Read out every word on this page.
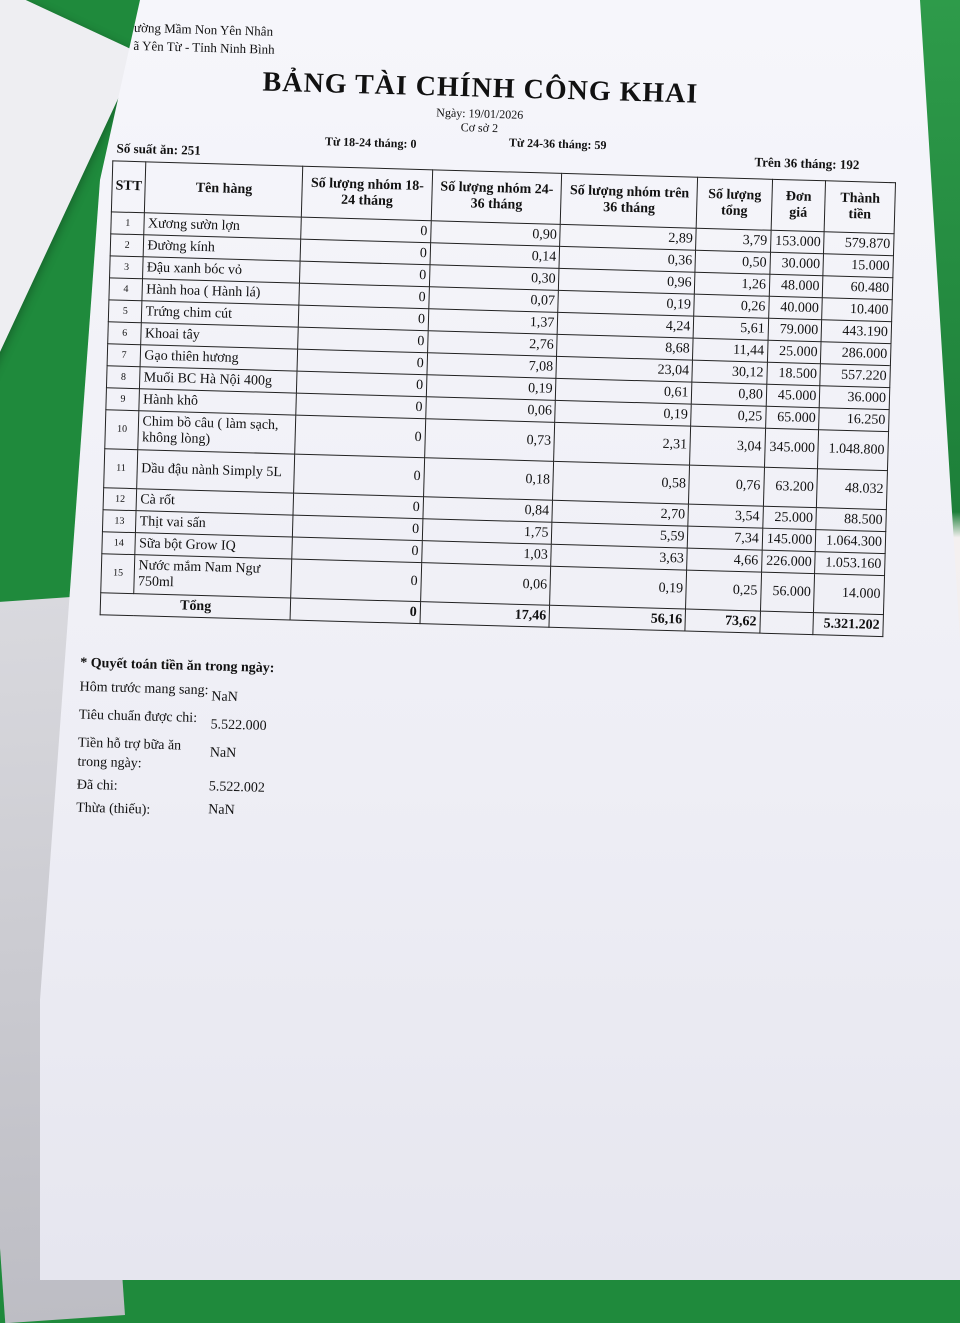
ường Mầm Non Yên Nhân
ã Yên Từ - Tỉnh Ninh Bình
BẢNG TÀI CHÍNH CÔNG KHAI
Ngày: 19/01/2026
Cơ sở 2
Số suất ăn: 251	Từ 18-24 tháng: 0	Từ 24-36 tháng: 59
Trên 36 tháng: 192
STT	Tên hàng	Số lượng nhóm 18-24 tháng	Số lượng nhóm 24-36 tháng	Số lượng nhóm trên 36 tháng	Số lượng tổng	Đơn giá	Thành tiền
1	Xương sườn lợn	0	0,90	2,89	3,79	153.000	579.870
2	Đường kính	0	0,14	0,36	0,50	30.000	15.000
3	Đậu xanh bóc vỏ	0	0,30	0,96	1,26	48.000	60.480
4	Hành hoa ( Hành lá)	0	0,07	0,19	0,26	40.000	10.400
5	Trứng chim cút	0	1,37	4,24	5,61	79.000	443.190
6	Khoai tây	0	2,76	8,68	11,44	25.000	286.000
7	Gạo thiên hương	0	7,08	23,04	30,12	18.500	557.220
8	Muối BC Hà Nội 400g	0	0,19	0,61	0,80	45.000	36.000
9	Hành khô	0	0,06	0,19	0,25	65.000	16.250
10	Chim bồ câu ( làm sạch, không lòng)	0	0,73	2,31	3,04	345.000	1.048.800
11	Dầu đậu nành Simply 5L	0	0,18	0,58	0,76	63.200	48.032
12	Cà rốt	0	0,84	2,70	3,54	25.000	88.500
13	Thịt vai sấn	0	1,75	5,59	7,34	145.000	1.064.300
14	Sữa bột Grow IQ	0	1,03	3,63	4,66	226.000	1.053.160
15	Nước mắm Nam Ngư 750ml	0	0,06	0,19	0,25	56.000	14.000
Tổng		0	17,46	56,16	73,62		5.321.202
* Quyết toán tiền ăn trong ngày:
Hôm trước mang sang: NaN
Tiêu chuẩn được chi: 5.522.000
Tiền hỗ trợ bữa ăn trong ngày:
NaN
Đã chi:	5.522.002
Thừa (thiếu):	NaN
